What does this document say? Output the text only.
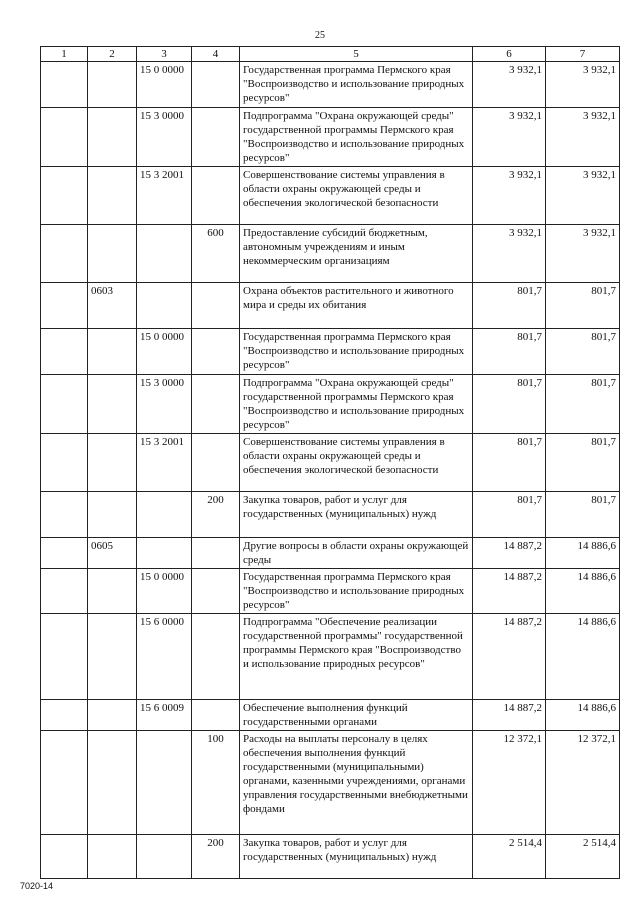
25
1	2	3	4	5	6	7
		15 0 0000		Государственная программа Пермского края "Воспроизводство и использование природных ресурсов"	3 932,1	3 932,1
		15 3 0000		Подпрограмма "Охрана окружающей среды" государственной программы Пермского края "Воспроизводство и использование природных ресурсов"	3 932,1	3 932,1
		15 3 2001		Совершенствование системы управления в области охраны окружающей среды и обеспечения экологической безопасности	3 932,1	3 932,1
			600	Предоставление субсидий бюджетным, автономным учреждениям и иным некоммерческим организациям	3 932,1	3 932,1
	0603			Охрана объектов растительного и животного мира и среды их обитания	801,7	801,7
		15 0 0000		Государственная программа Пермского края "Воспроизводство и использование природных ресурсов"	801,7	801,7
		15 3 0000		Подпрограмма "Охрана окружающей среды" государственной программы Пермского края "Воспроизводство и использование природных ресурсов"	801,7	801,7
		15 3 2001		Совершенствование системы управления в области охраны окружающей среды и обеспечения экологической безопасности	801,7	801,7
			200	Закупка товаров, работ и услуг для государственных (муниципальных) нужд	801,7	801,7
	0605			Другие вопросы в области охраны окружающей среды	14 887,2	14 886,6
		15 0 0000		Государственная программа Пермского края "Воспроизводство и использование природных ресурсов"	14 887,2	14 886,6
		15 6 0000		Подпрограмма "Обеспечение реализации государственной программы" государственной программы Пермского края "Воспроизводство и использование природных ресурсов"	14 887,2	14 886,6
		15 6 0009		Обеспечение выполнения функций государственными органами	14 887,2	14 886,6
			100	Расходы на выплаты персоналу в целях обеспечения выполнения функций государственными (муниципальными) органами, казенными учреждениями, органами управления государственными внебюджетными фондами	12 372,1	12 372,1
			200	Закупка товаров, работ и услуг для государственных (муниципальных) нужд	2 514,4	2 514,4
7020-14
